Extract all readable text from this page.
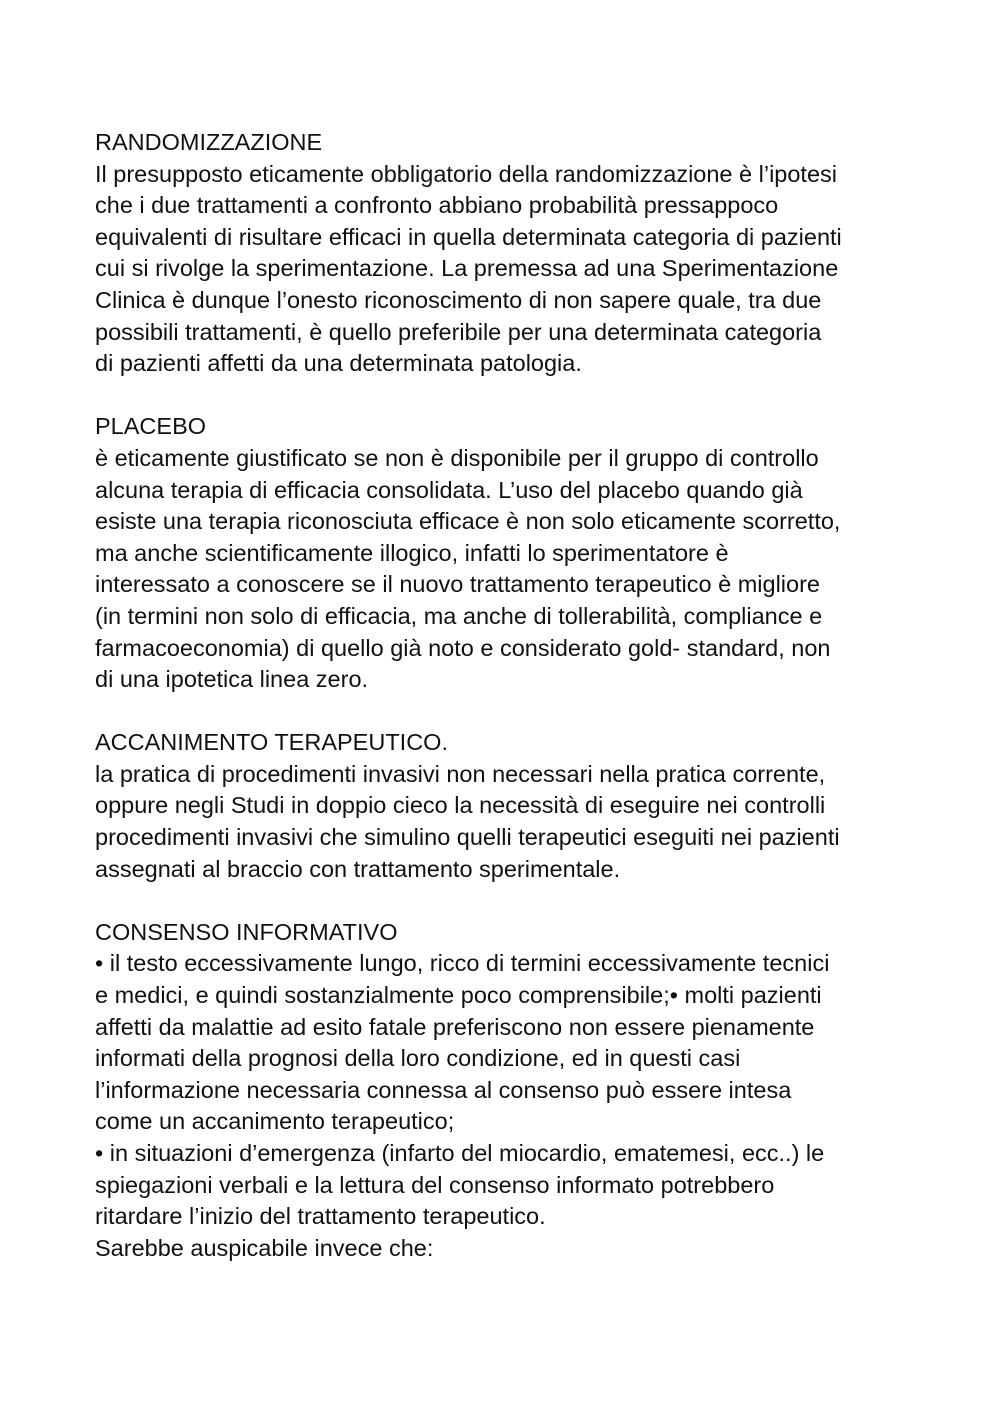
RANDOMIZZAZIONE
Il presupposto eticamente obbligatorio della randomizzazione è l’ipotesi
che i due trattamenti a confronto abbiano probabilità pressappoco
equivalenti di risultare efficaci in quella determinata categoria di pazienti
cui si rivolge la sperimentazione. La premessa ad una Sperimentazione
Clinica è dunque l’onesto riconoscimento di non sapere quale, tra due
possibili trattamenti, è quello preferibile per una determinata categoria
di pazienti affetti da una determinata patologia.
PLACEBO
è eticamente giustificato se non è disponibile per il gruppo di controllo
alcuna terapia di efficacia consolidata. L’uso del placebo quando già
esiste una terapia riconosciuta efficace è non solo eticamente scorretto,
ma anche scientificamente illogico, infatti lo sperimentatore è
interessato a conoscere se il nuovo trattamento terapeutico è migliore
(in termini non solo di efficacia, ma anche di tollerabilità, compliance e
farmacoeconomia) di quello già noto e considerato gold- standard, non
di una ipotetica linea zero.
ACCANIMENTO TERAPEUTICO.
la pratica di procedimenti invasivi non necessari nella pratica corrente,
oppure negli Studi in doppio cieco la necessità di eseguire nei controlli
procedimenti invasivi che simulino quelli terapeutici eseguiti nei pazienti
assegnati al braccio con trattamento sperimentale.
CONSENSO INFORMATIVO
• il testo eccessivamente lungo, ricco di termini eccessivamente tecnici
e medici, e quindi sostanzialmente poco comprensibile;• molti pazienti
affetti da malattie ad esito fatale preferiscono non essere pienamente
informati della prognosi della loro condizione, ed in questi casi
l’informazione necessaria connessa al consenso può essere intesa
come un accanimento terapeutico;
• in situazioni d’emergenza (infarto del miocardio, ematemesi, ecc..) le
spiegazioni verbali e la lettura del consenso informato potrebbero
ritardare l’inizio del trattamento terapeutico.
Sarebbe auspicabile invece che:
